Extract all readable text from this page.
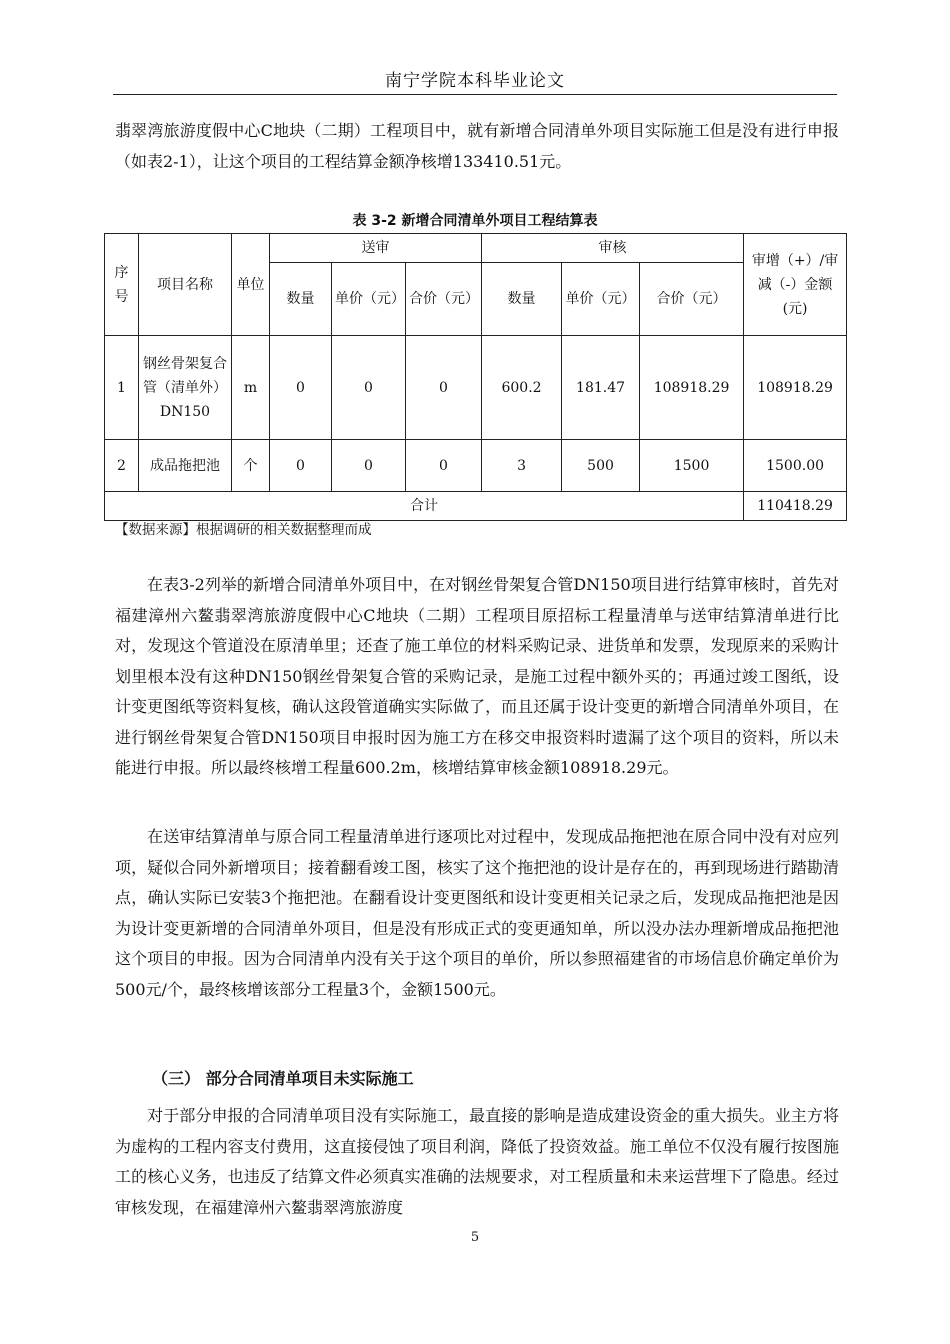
南宁学院本科毕业论文

翡翠湾旅游度假中心C地块（二期）工程项目中，就有新增合同清单外项目实际施工但是没有进行申报（如表2-1），让这个项目的工程结算金额净核增133410.51元。

表 3-2 新增合同清单外项目工程结算表
序号	项目名称	单位	送审			审核			审增（+）/审减（-）金额(元)
			数量	单价（元）	合价（元）	数量	单价（元）	合价（元）	
1	钢丝骨架复合管（清单外）DN150	m	0	0	0	600.2	181.47	108918.29	108918.29
2	成品拖把池	个	0	0	0	3	500	1500	1500.00
合计									110418.29
【数据来源】根据调研的相关数据整理而成

　　在表3-2列举的新增合同清单外项目中，在对钢丝骨架复合管DN150项目进行结算审核时，首先对福建漳州六鳌翡翠湾旅游度假中心C地块（二期）工程项目原招标工程量清单与送审结算清单进行比对，发现这个管道没在原清单里；还查了施工单位的材料采购记录、进货单和发票，发现原来的采购计划里根本没有这种DN150钢丝骨架复合管的采购记录，是施工过程中额外买的；再通过竣工图纸，设计变更图纸等资料复核，确认这段管道确实实际做了，而且还属于设计变更的新增合同清单外项目，在进行钢丝骨架复合管DN150项目申报时因为施工方在移交申报资料时遗漏了这个项目的资料，所以未能进行申报。所以最终核增工程量600.2m，核增结算审核金额108918.29元。

　　在送审结算清单与原合同工程量清单进行逐项比对过程中，发现成品拖把池在原合同中没有对应列项，疑似合同外新增项目；接着翻看竣工图，核实了这个拖把池的设计是存在的，再到现场进行踏勘清点，确认实际已安装3个拖把池。在翻看设计变更图纸和设计变更相关记录之后，发现成品拖把池是因为设计变更新增的合同清单外项目，但是没有形成正式的变更通知单，所以没办法办理新增成品拖把池这个项目的申报。因为合同清单内没有关于这个项目的单价，所以参照福建省的市场信息价确定单价为500元/个，最终核增该部分工程量3个，金额1500元。

（三） 部分合同清单项目未实际施工

　　对于部分申报的合同清单项目没有实际施工，最直接的影响是造成建设资金的重大损失。业主方将为虚构的工程内容支付费用，这直接侵蚀了项目利润，降低了投资效益。施工单位不仅没有履行按图施工的核心义务，也违反了结算文件必须真实准确的法规要求，对工程质量和未来运营埋下了隐患。经过审核发现，在福建漳州六鳌翡翠湾旅游度

5
